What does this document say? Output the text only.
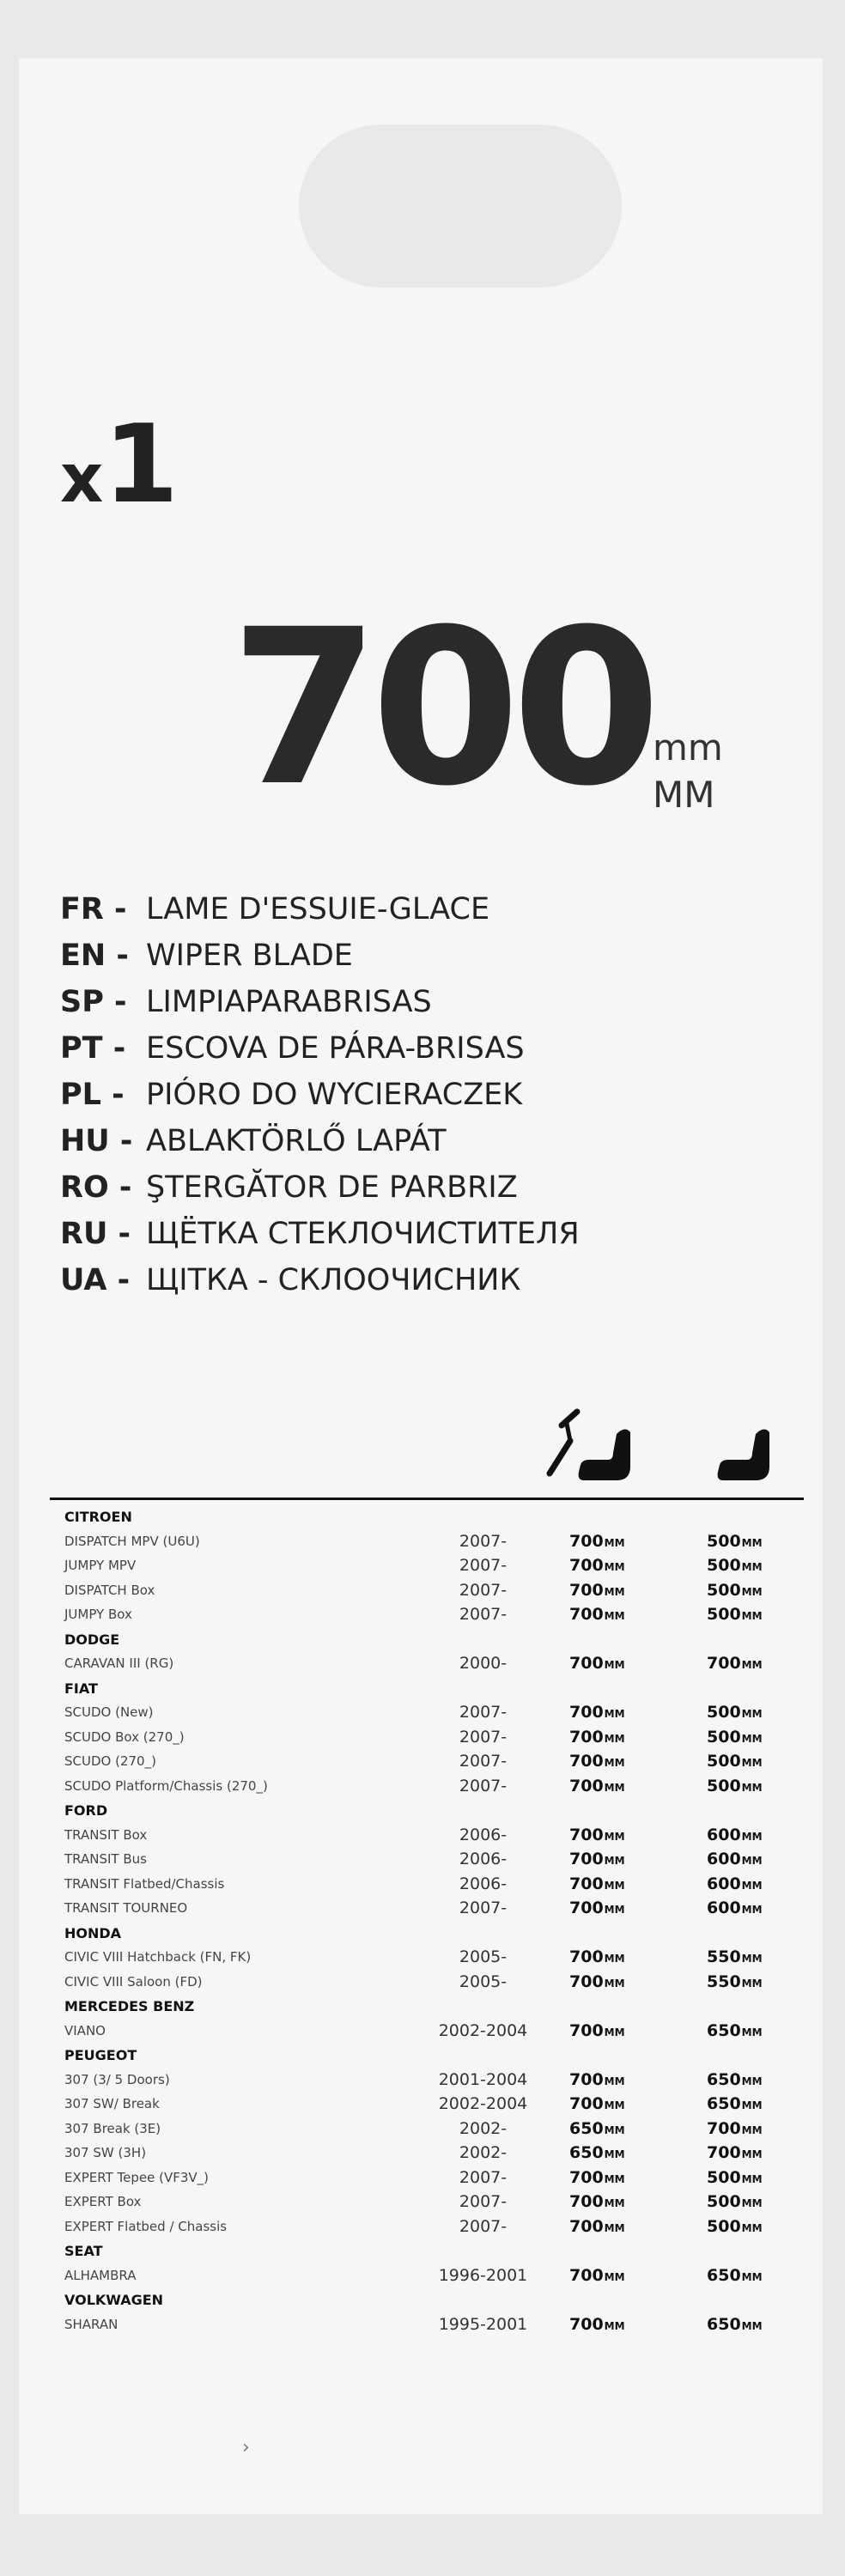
x1
700 mm
MM
FR - LAME D'ESSUIE-GLACE
EN - WIPER BLADE
SP - LIMPIAPARABRISAS
PT - ESCOVA DE PÁRA-BRISAS
PL - PIÓRO DO WYCIERACZEK
HU - ABLAKTÖRLŐ LAPÁT
RO - ŞTERGĂTOR DE PARBRIZ
RU - ЩЁТКА СТЕКЛОЧИСТИТЕЛЯ
UA - ЩІТКА - СКЛООЧИСНИК
CITROEN
DISPATCH MPV (U6U)	2007-	700MM	500MM
JUMPY MPV	2007-	700MM	500MM
DISPATCH Box	2007-	700MM	500MM
JUMPY Box	2007-	700MM	500MM
DODGE
CARAVAN III (RG)	2000-	700MM	700MM
FIAT
SCUDO (New)	2007-	700MM	500MM
SCUDO Box (270_)	2007-	700MM	500MM
SCUDO (270_)	2007-	700MM	500MM
SCUDO Platform/Chassis (270_)	2007-	700MM	500MM
FORD
TRANSIT Box	2006-	700MM	600MM
TRANSIT Bus	2006-	700MM	600MM
TRANSIT Flatbed/Chassis	2006-	700MM	600MM
TRANSIT TOURNEO	2007-	700MM	600MM
HONDA
CIVIC VIII Hatchback (FN, FK)	2005-	700MM	550MM
CIVIC VIII Saloon (FD)	2005-	700MM	550MM
MERCEDES BENZ
VIANO	2002-2004	700MM	650MM
PEUGEOT
307 (3/ 5 Doors)	2001-2004	700MM	650MM
307 SW/ Break	2002-2004	700MM	650MM
307 Break (3E)	2002-	650MM	700MM
307 SW (3H)	2002-	650MM	700MM
EXPERT Tepee (VF3V_)	2007-	700MM	500MM
EXPERT Box	2007-	700MM	500MM
EXPERT Flatbed / Chassis	2007-	700MM	500MM
SEAT
ALHAMBRA	1996-2001	700MM	650MM
VOLKWAGEN
SHARAN	1995-2001	700MM	650MM
›
